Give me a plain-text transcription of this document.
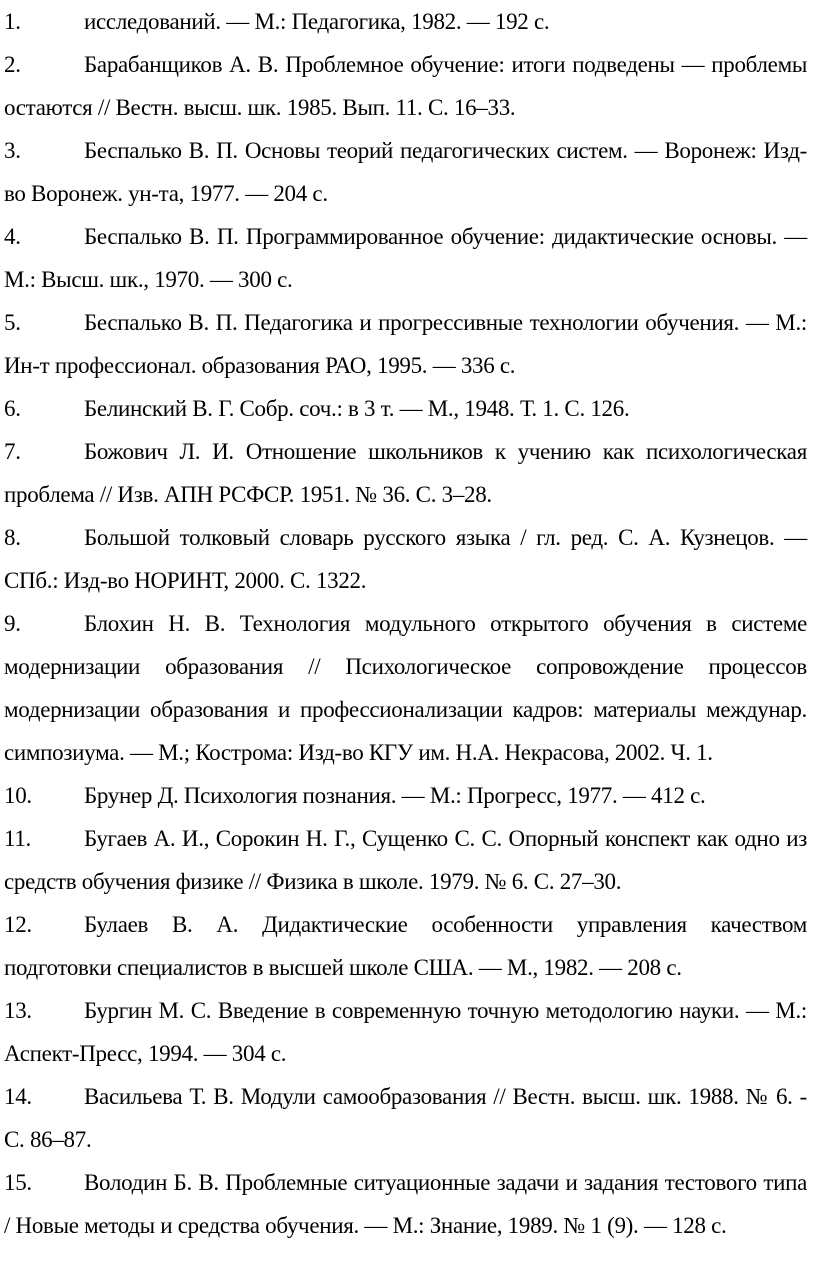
1.	исследований. — М.: Педагогика, 1982. — 192 с.

2.	Барабанщиков А. В. Проблемное обучение: итоги подведены — проблемы остаются // Вестн. высш. шк. 1985. Вып. 11. С. 16–33.

3.	Беспалько В. П. Основы теорий педагогических систем. — Воронеж: Изд-во Воронеж. ун-та, 1977. — 204 с.

4.	Беспалько В. П. Программированное обучение: дидактические основы. — М.: Высш. шк., 1970. — 300 с.

5.	Беспалько В. П. Педагогика и прогрессивные технологии обучения. — М.: Ин-т профессионал. образования РАО, 1995. — 336 с.

6.	Белинский В. Г. Собр. соч.: в 3 т. — М., 1948. Т. 1. С. 126.

7.	Божович Л. И. Отношение школьников к учению как психологическая проблема // Изв. АПН РСФСР. 1951. № 36. С. 3–28.

8.	Большой толковый словарь русского языка / гл. ред. С. А. Кузнецов. — СПб.: Изд-во НОРИНТ, 2000. С. 1322.

9.	Блохин Н. В. Технология модульного открытого обучения в системе модернизации образования // Психологическое сопровождение процессов модернизации образования и профессионализации кадров: материалы междунар. симпозиума. — М.; Кострома: Изд-во КГУ им. Н.А. Некрасова, 2002. Ч. 1.

10. Брунер Д. Психология познания. — М.: Прогресс, 1977. — 412 с.

11. Бугаев А. И., Сорокин Н. Г., Сущенко С. С. Опорный конспект как одно из средств обучения физике // Физика в школе. 1979. № 6. С. 27–30.

12. Булаев В. А. Дидактические особенности управления качеством подготовки специалистов в высшей школе США. — М., 1982. — 208 с.

13. Бургин М. С. Введение в современную точную методологию науки. — М.: Аспект-Пресс, 1994. — 304 с.

14. Васильева Т. В. Модули самообразования // Вестн. высш. шк. 1988. № 6. - С. 86–87.

15. Володин Б. В. Проблемные ситуационные задачи и задания тестового типа / Новые методы и средства обучения. — М.: Знание, 1989. № 1 (9). — 128 с.
